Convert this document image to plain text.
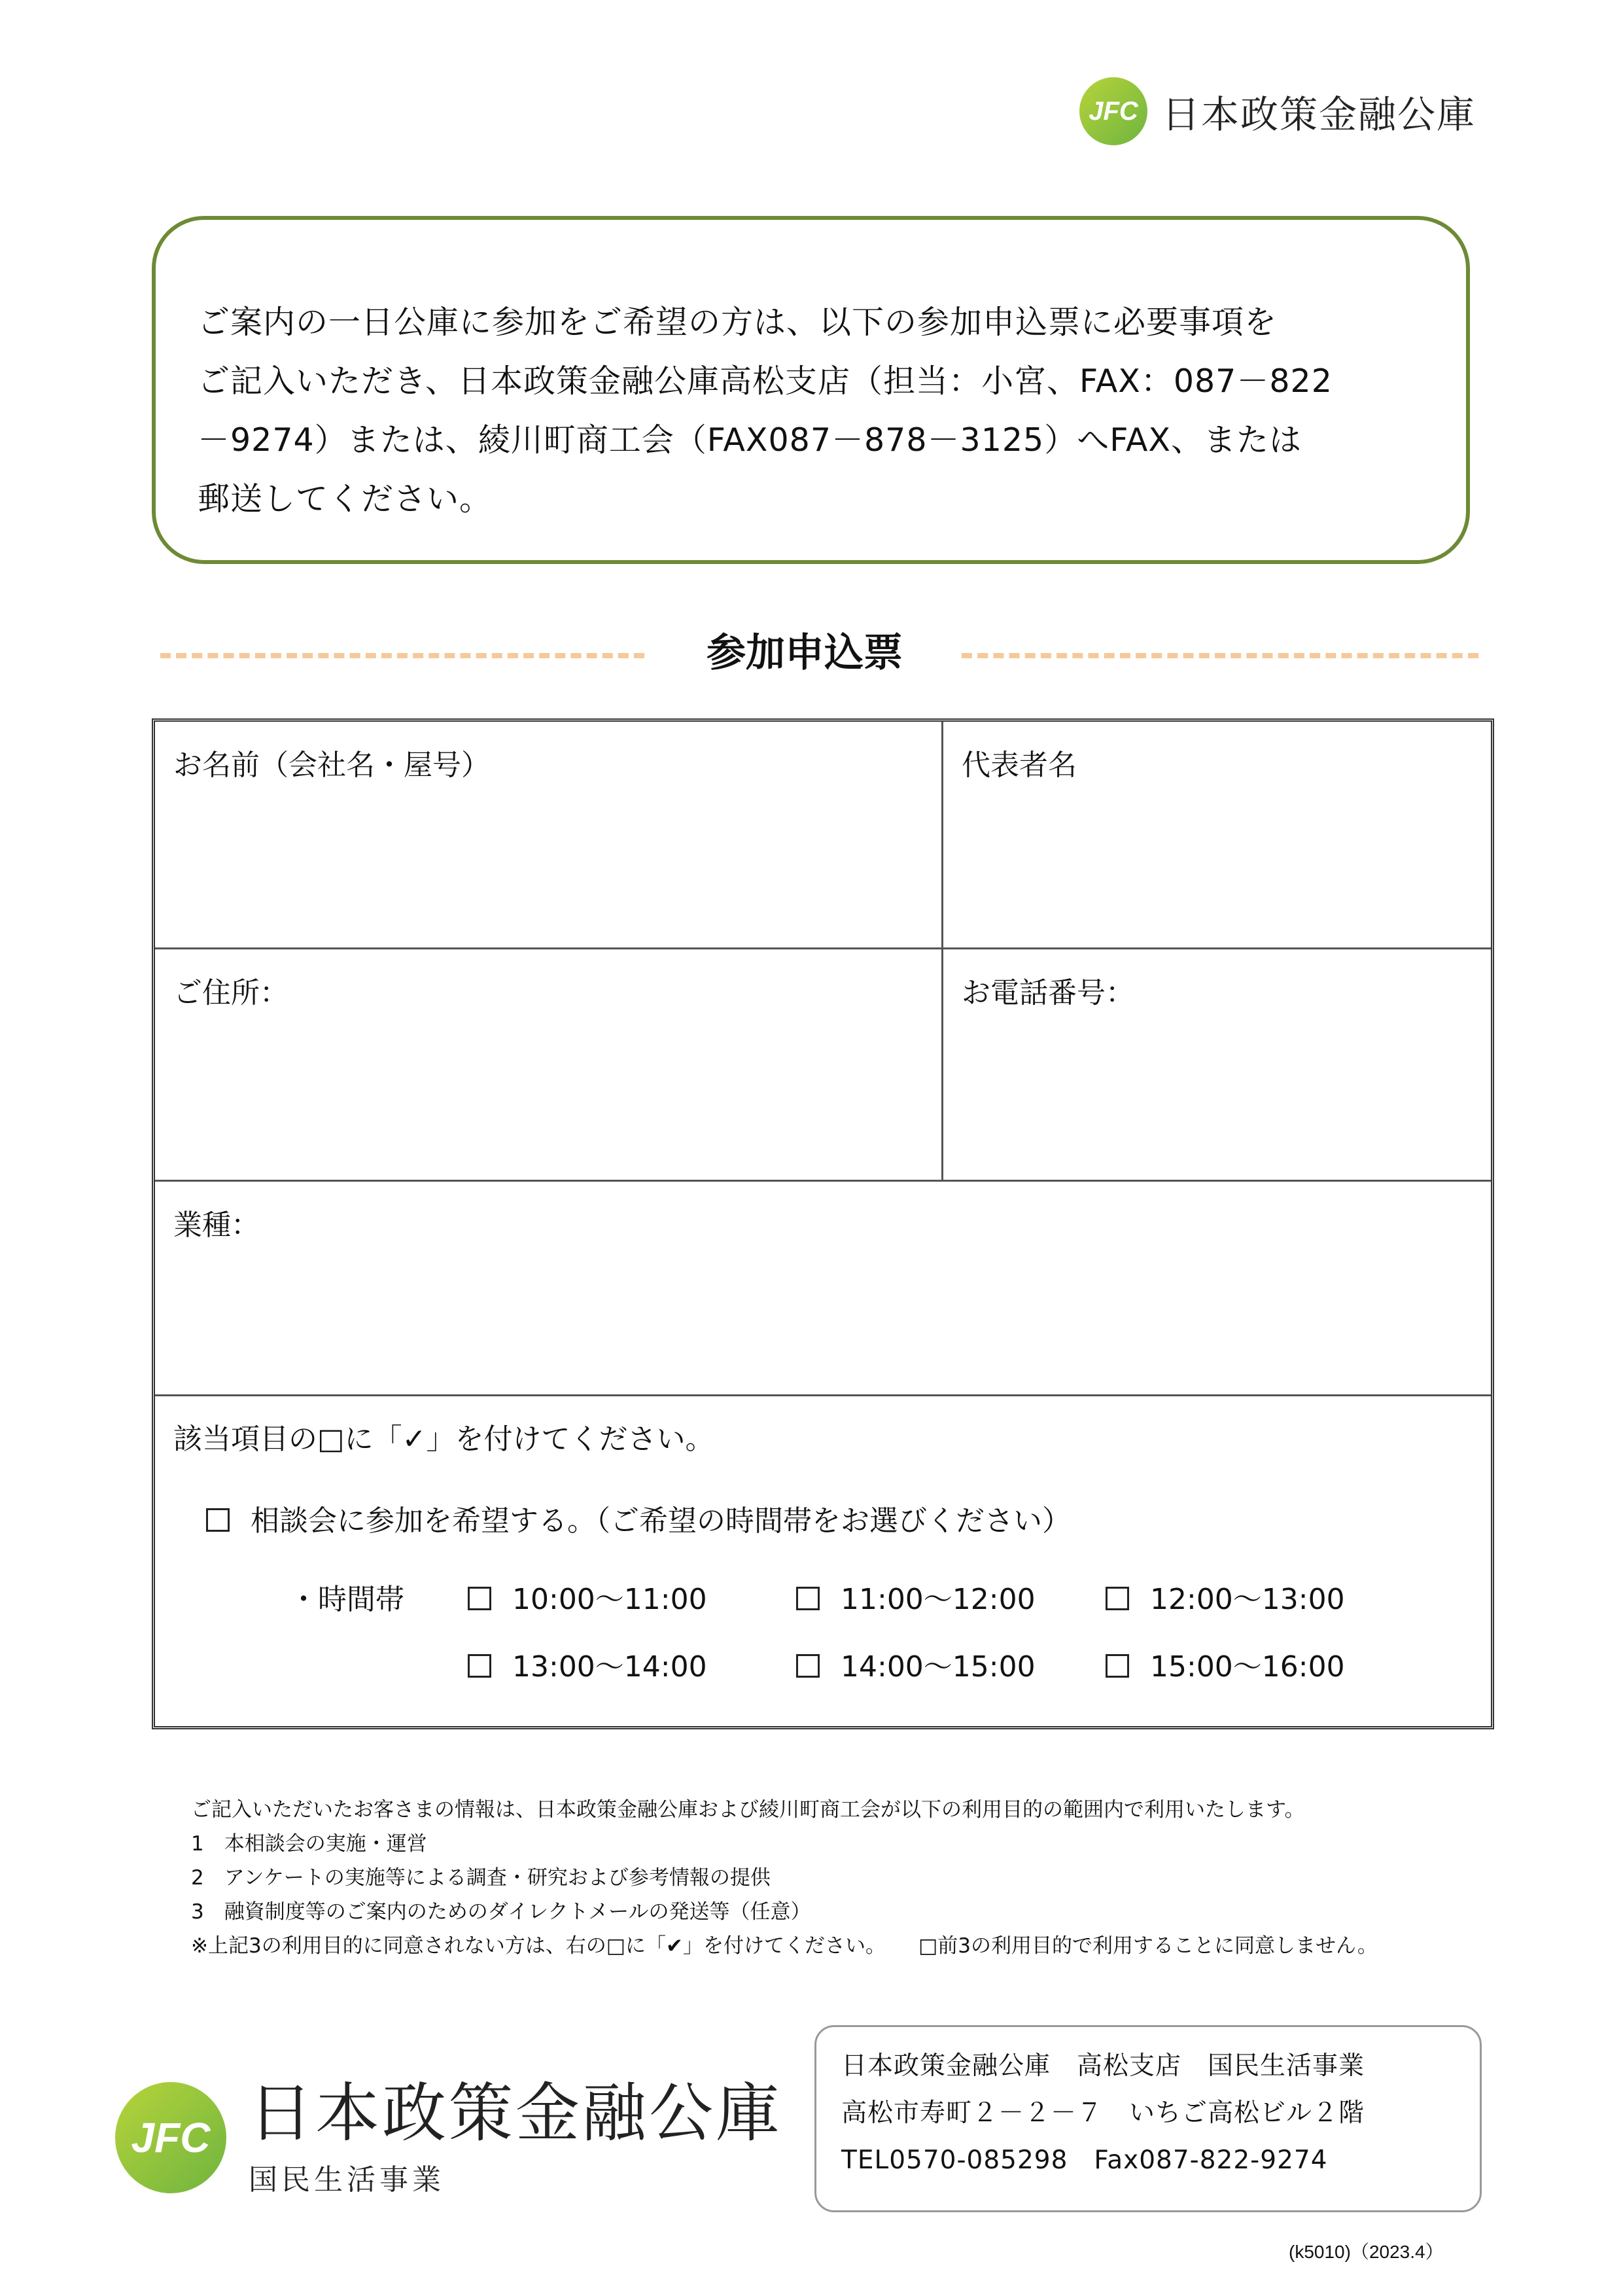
JFC 日本政策金融公庫
ご案内の一日公庫に参加をご希望の方は、以下の参加申込票に必要事項を
ご記入いただき、日本政策金融公庫高松支店（担当：小宮、FAX：087－822
－9274）または、綾川町商工会（FAX087－878－3125）へFAX、または
郵送してください。
参加申込票
お名前（会社名・屋号）	代表者名
ご住所：	お電話番号：
業種：
該当項目の□に「✓」を付けてください。
相談会に参加を希望する。（ご希望の時間帯をお選びください）
・時間帯	10:00～11:00	11:00～12:00	12:00～13:00
13:00～14:00	14:00～15:00	15:00～16:00
ご記入いただいたお客さまの情報は、日本政策金融公庫および綾川町商工会が以下の利用目的の範囲内で利用いたします。
1　本相談会の実施・運営
2　アンケートの実施等による調査・研究および参考情報の提供
3　融資制度等のご案内のためのダイレクトメールの発送等（任意）
※上記3の利用目的に同意されない方は、右の□に「✔」を付けてください。 □前3の利用目的で利用することに同意しません。
JFC 日本政策金融公庫
国民生活事業
日本政策金融公庫　高松支店　国民生活事業
高松市寿町２－２－７　いちご高松ビル２階
TEL0570-085298　Fax087-822-9274
(k5010)（2023.4）
